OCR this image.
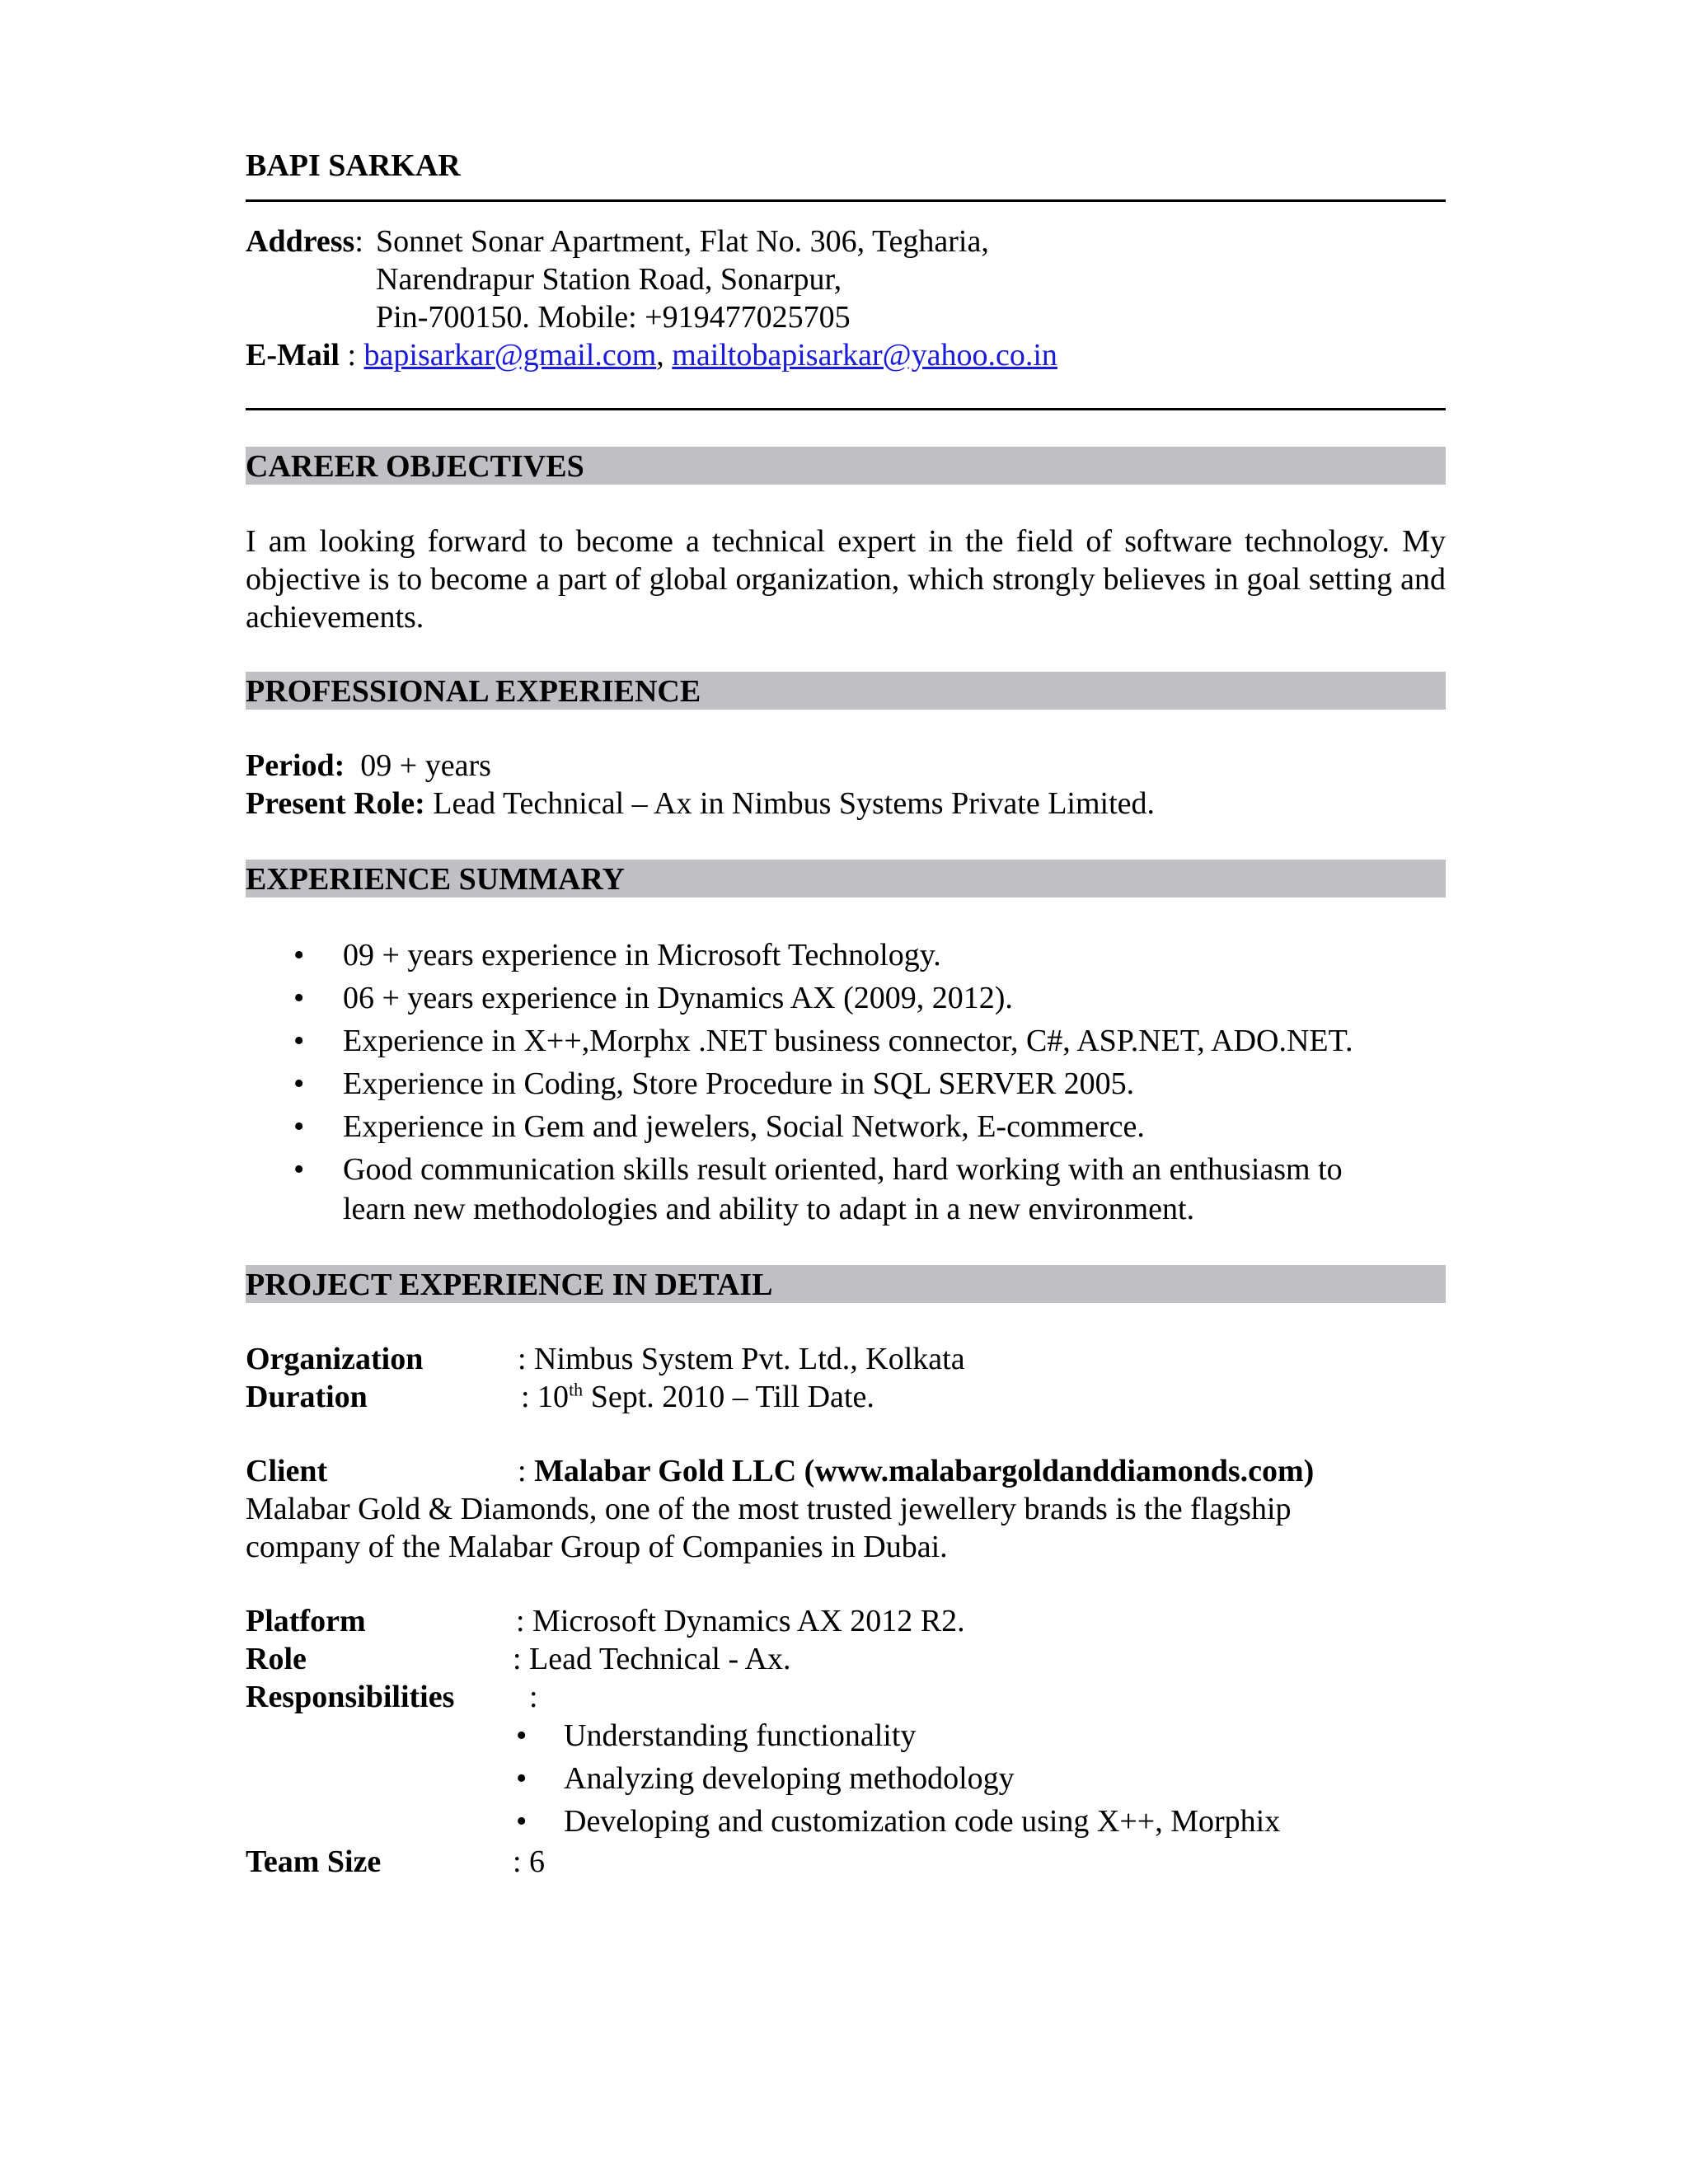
BAPI SARKAR
Address: Sonnet Sonar Apartment, Flat No. 306, Tegharia,
Narendrapur Station Road, Sonarpur,
Pin-700150. Mobile: +919477025705
E-Mail : bapisarkar@gmail.com, mailtobapisarkar@yahoo.co.in
CAREER OBJECTIVES
I am looking forward to become a technical expert in the field of software technology. My objective is to become a part of global organization, which strongly believes in goal setting and achievements.
PROFESSIONAL EXPERIENCE
Period: 09 + years
Present Role: Lead Technical – Ax in Nimbus Systems Private Limited.
EXPERIENCE SUMMARY
• 09 + years experience in Microsoft Technology.
• 06 + years experience in Dynamics AX (2009, 2012).
• Experience in X++,Morphx .NET business connector, C#, ASP.NET, ADO.NET.
• Experience in Coding, Store Procedure in SQL SERVER 2005.
• Experience in Gem and jewelers, Social Network, E-commerce.
• Good communication skills result oriented, hard working with an enthusiasm to learn new methodologies and ability to adapt in a new environment.
PROJECT EXPERIENCE IN DETAIL
Organization	: Nimbus System Pvt. Ltd., Kolkata
Duration	: 10th Sept. 2010 – Till Date.
Client	: Malabar Gold LLC (www.malabargoldanddiamonds.com)
Malabar Gold & Diamonds, one of the most trusted jewellery brands is the flagship company of the Malabar Group of Companies in Dubai.
Platform	: Microsoft Dynamics AX 2012 R2.
Role	: Lead Technical - Ax.
Responsibilities :
• Understanding functionality
• Analyzing developing methodology
• Developing and customization code using X++, Morphix
Team Size	: 6
